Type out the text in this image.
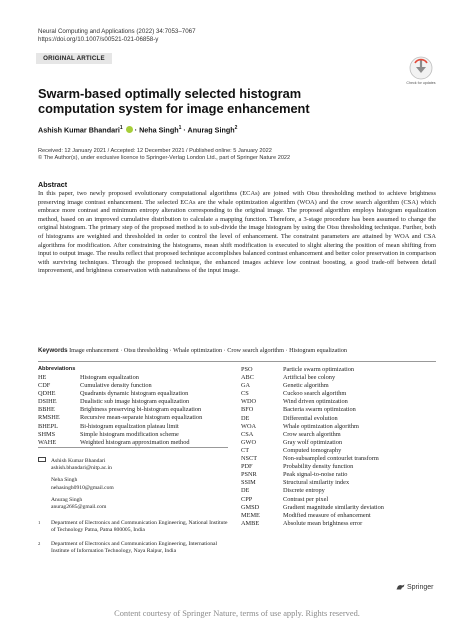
Neural Computing and Applications (2022) 34:7053–7067
https://doi.org/10.1007/s00521-021-06858-y
ORIGINAL ARTICLE
Check for updates
Swarm-based optimally selected histogram computation system for image enhancement
Ashish Kumar Bhandari$^1$ · Neha Singh$^1$ · Anurag Singh$^2$
Received: 12 January 2021 / Accepted: 12 December 2021 / Published online: 5 January 2022
© The Author(s), under exclusive licence to Springer-Verlag London Ltd., part of Springer Nature 2022
Abstract
In this paper, two newly proposed evolutionary computational algorithms (ECAs) are joined with Otsu thresholding method to achieve brightness preserving image contrast enhancement. The selected ECAs are the whale optimization algorithm (WOA) and the crow search algorithm (CSA) which embrace more contrast and minimum entropy alteration corresponding to the original image. The proposed algorithm employs histogram equalization method, based on an improved cumulative distribution to calculate a mapping function. Therefore, a 3-stage procedure has been assumed to change the original histogram. The primary step of the proposed method is to sub-divide the image histogram by using the Otsu thresholding technique. Further, both of histograms are weighted and thresholded in order to control the level of enhancement. The constraint parameters are attained by WOA and CSA algorithms for modification. After constraining the histograms, mean shift modification is executed to slight altering the position of mean shifting from input to output image. The results reflect that proposed technique accomplishes balanced contrast enhancement and better color preservation in comparison with surviving techniques. Through the proposed technique, the enhanced images achieve low contrast boosting, a good trade-off between detail improvement, and brightness conservation with naturalness of the input image.
Keywords Image enhancement · Otsu thresholding · Whale optimization · Crow search algorithm · Histogram equalization
Abbreviations
HE	Histogram equalization
CDF	Cumulative density function
QDHE	Quadrants dynamic histogram equalization
DSIHE	Dualistic sub image histogram equalization
BBHE	Brightness preserving bi-histogram equalization
RMSHE	Recursive mean-separate histogram equalization
BHEPL	Bi-histogram equalization plateau limit
SHMS	Simple histogram modification scheme
WAHE	Weighted histogram approximation method
PSO	Particle swarm optimization
ABC	Artificial bee colony
GA	Genetic algorithm
CS	Cuckoo search algorithm
WDO	Wind driven optimization
BFO	Bacteria swarm optimization
DE	Differential evolution
WOA	Whale optimization algorithm
CSA	Crow search algorithm
GWO	Gray wolf optimization
CT	Computed tomography
NSCT	Non-subsampled contourlet transform
PDF	Probability density function
PSNR	Peak signal-to-noise ratio
SSIM	Structural similarity index
DE	Discrete entropy
CPP	Contrast per pixel
GMSD	Gradient magnitude similarity deviation
MEME	Modified measure of enhancement
AMBE	Absolute mean brightness error
Ashish Kumar Bhandari
ashish.bhandari@nitp.ac.in
Neha Singh
nehasingh0910@gmail.com
Anurag Singh
anurag2685@gmail.com
1	Department of Electronics and Communication Engineering, National Institute of Technology Patna, Patna 800005, India
2	Department of Electronics and Communication Engineering, International Institute of Information Technology, Naya Raipur, India
Springer
Content courtesy of Springer Nature, terms of use apply. Rights reserved.
